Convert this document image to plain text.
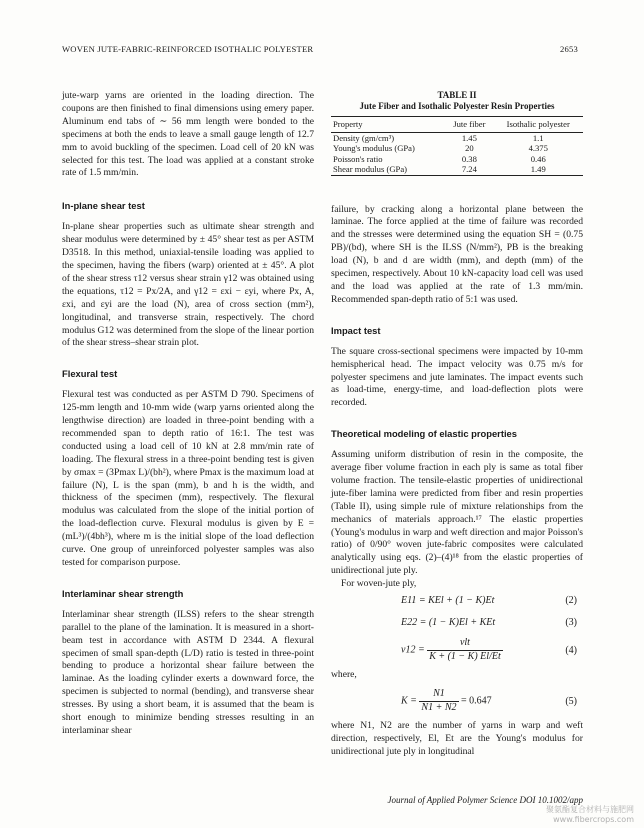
WOVEN JUTE-FABRIC-REINFORCED ISOTHALIC POLYESTER	2653

jute-warp yarns are oriented in the loading direction. The coupons are then finished to final dimensions using emery paper. Aluminum end tabs of ∼ 56 mm length were bonded to the specimens at both the ends to leave a small gauge length of 12.7 mm to avoid buckling of the specimen. Load cell of 20 kN was selected for this test. The load was applied at a constant stroke rate of 1.5 mm/min.

In-plane shear test

In-plane shear properties such as ultimate shear strength and shear modulus were determined by ± 45° shear test as per ASTM D3518. In this method, uniaxial-tensile loading was applied to the specimen, having the fibers (warp) oriented at ± 45°. A plot of the shear stress τ12 versus shear strain γ12 was obtained using the equations, τ12 = Px/2A, and γ12 = εxi − εyi, where Px, A, εxi, and εyi are the load (N), area of cross section (mm²), longitudinal, and transverse strain, respectively. The chord modulus G12 was determined from the slope of the linear portion of the shear stress–shear strain plot.

Flexural test

Flexural test was conducted as per ASTM D 790. Specimens of 125-mm length and 10-mm wide (warp yarns oriented along the lengthwise direction) are loaded in three-point bending with a recommended span to depth ratio of 16:1. The test was conducted using a load cell of 10 kN at 2.8 mm/min rate of loading. The flexural stress in a three-point bending test is given by σmax = (3Pmax L)/(bh²), where Pmax is the maximum load at failure (N), L is the span (mm), b and h is the width, and thickness of the specimen (mm), respectively. The flexural modulus was calculated from the slope of the initial portion of the load-deflection curve. Flexural modulus is given by E = (mL³)/(4bh³), where m is the initial slope of the load deflection curve. One group of unreinforced polyester samples was also tested for comparison purpose.

Interlaminar shear strength

Interlaminar shear strength (ILSS) refers to the shear strength parallel to the plane of the lamination. It is measured in a short-beam test in accordance with ASTM D 2344. A flexural specimen of small span-depth (L/D) ratio is tested in three-point bending to produce a horizontal shear failure between the laminae. As the loading cylinder exerts a downward force, the specimen is subjected to normal (bending), and transverse shear stresses. By using a short beam, it is assumed that the beam is short enough to minimize bending stresses resulting in an interlaminar shear

TABLE II
Jute Fiber and Isothalic Polyester Resin Properties
Property	Jute fiber	Isothalic polyester
Density (gm/cm³)	1.45	1.1
Young's modulus (GPa)	20	4.375
Poisson's ratio	0.38	0.46
Shear modulus (GPa)	7.24	1.49

failure, by cracking along a horizontal plane between the laminae. The force applied at the time of failure was recorded and the stresses were determined using the equation SH = (0.75 PB)/(bd), where SH is the ILSS (N/mm²), PB is the breaking load (N), b and d are width (mm), and depth (mm) of the specimen, respectively. About 10 kN-capacity load cell was used and the load was applied at the rate of 1.3 mm/min. Recommended span-depth ratio of 5:1 was used.

Impact test

The square cross-sectional specimens were impacted by 10-mm hemispherical head. The impact velocity was 0.75 m/s for polyester specimens and jute laminates. The impact events such as load-time, energy-time, and load-deflection plots were recorded.

Theoretical modeling of elastic properties

Assuming uniform distribution of resin in the composite, the average fiber volume fraction in each ply is same as total fiber volume fraction. The tensile-elastic properties of unidirectional jute-fiber lamina were predicted from fiber and resin properties (Table II), using simple rule of mixture relationships from the mechanics of materials approach.¹⁷ The elastic properties (Young's modulus in warp and weft direction and major Poisson's ratio) of 0/90° woven jute-fabric composites were calculated analytically using eqs. (2)–(4)¹⁸ from the elastic properties of unidirectional jute ply.

For woven-jute ply,

E11 = KEl + (1 − K)Et	(2)
E22 = (1 − K)El + KEt	(3)
ν12 =
νlt
K + (1 − K) El/Et
(4)

where,

$K = \frac{N1}{N1 + N2} = 0.647$	(5)

where N1, N2 are the number of yarns in warp and weft direction, respectively, El, Et are the Young's modulus for unidirectional jute ply in longitudinal

Journal of Applied Polymer Science DOI 10.1002/app
聚氨酯复合材料与施肥网
www.fibercrops.com
